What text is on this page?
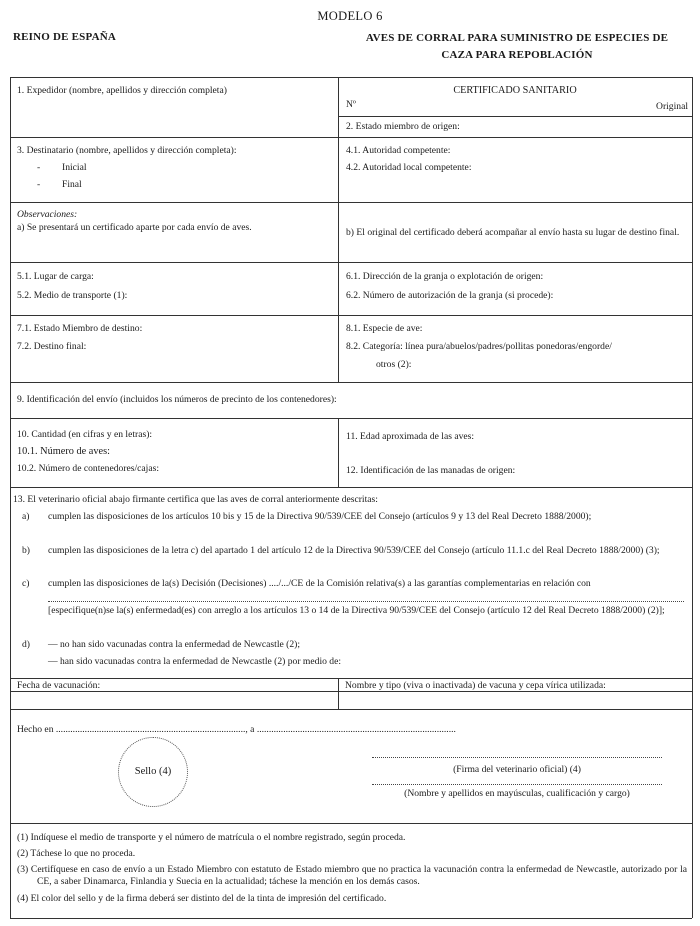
MODELO 6
REINO DE ESPAÑA	AVES DE CORRAL PARA SUMINISTRO DE ESPECIES DE
CAZA PARA REPOBLACIÓN
1. Expedidor (nombre, apellidos y dirección completa)	CERTIFICADO SANITARIO
Nº	Original
2. Estado miembro de origen:
3. Destinatario (nombre, apellidos y dirección completa):
- Inicial
- Final
4.1. Autoridad competente:
4.2. Autoridad local competente:
Observaciones:
a) Se presentará un certificado aparte por cada envío de aves.	b) El original del certificado deberá acompañar al envío hasta su lugar de destino final.
5.1. Lugar de carga:
5.2. Medio de transporte (1):
6.1. Dirección de la granja o explotación de origen:
6.2. Número de autorización de la granja (si procede):
7.1. Estado Miembro de destino:
7.2. Destino final:
8.1. Especie de ave:
8.2. Categoría: línea pura/abuelos/padres/pollitas ponedoras/engorde/
otros (2):
9. Identificación del envío (incluidos los números de precinto de los contenedores):
10. Cantidad (en cifras y en letras):
10.1. Número de aves:
10.2. Número de contenedores/cajas:
11. Edad aproximada de las aves:
12. Identificación de las manadas de origen:
13. El veterinario oficial abajo firmante certifica que las aves de corral anteriormente descritas:
a) cumplen las disposiciones de los artículos 10 bis y 15 de la Directiva 90/539/CEE del Consejo (artículos 9 y 13 del Real Decreto 1888/2000);
b) cumplen las disposiciones de la letra c) del apartado 1 del artículo 12 de la Directiva 90/539/CEE del Consejo (artículo 11.1.c del Real Decreto 1888/2000) (3);
c) cumplen las disposiciones de la(s) Decisión (Decisiones) ..../.../CE de la Comisión relativa(s) a las garantías complementarias en relación con
[especifique(n)se la(s) enfermedad(es) con arreglo a los artículos 13 o 14 de la Directiva 90/539/CEE del Consejo (artículo 12 del Real Decreto 1888/2000) (2)];
d) — no han sido vacunadas contra la enfermedad de Newcastle (2);
— han sido vacunadas contra la enfermedad de Newcastle (2) por medio de:
Fecha de vacunación:	Nombre y tipo (viva o inactivada) de vacuna y cepa vírica utilizada:
Hecho en ..............................................................................., a ...................................................................................
Sello (4)	(Firma del veterinario oficial) (4)
(Nombre y apellidos en mayúsculas, cualificación y cargo)
(1) Indíquese el medio de transporte y el número de matrícula o el nombre registrado, según proceda.
(2) Táchese lo que no proceda.
(3) Certifíquese en caso de envío a un Estado Miembro con estatuto de Estado miembro que no practica la vacunación contra la enfermedad de Newcastle, autorizado por la CE, a saber Dinamarca, Finlandia y Suecia en la actualidad; táchese la mención en los demás casos.
(4) El color del sello y de la firma deberá ser distinto del de la tinta de impresión del certificado.
